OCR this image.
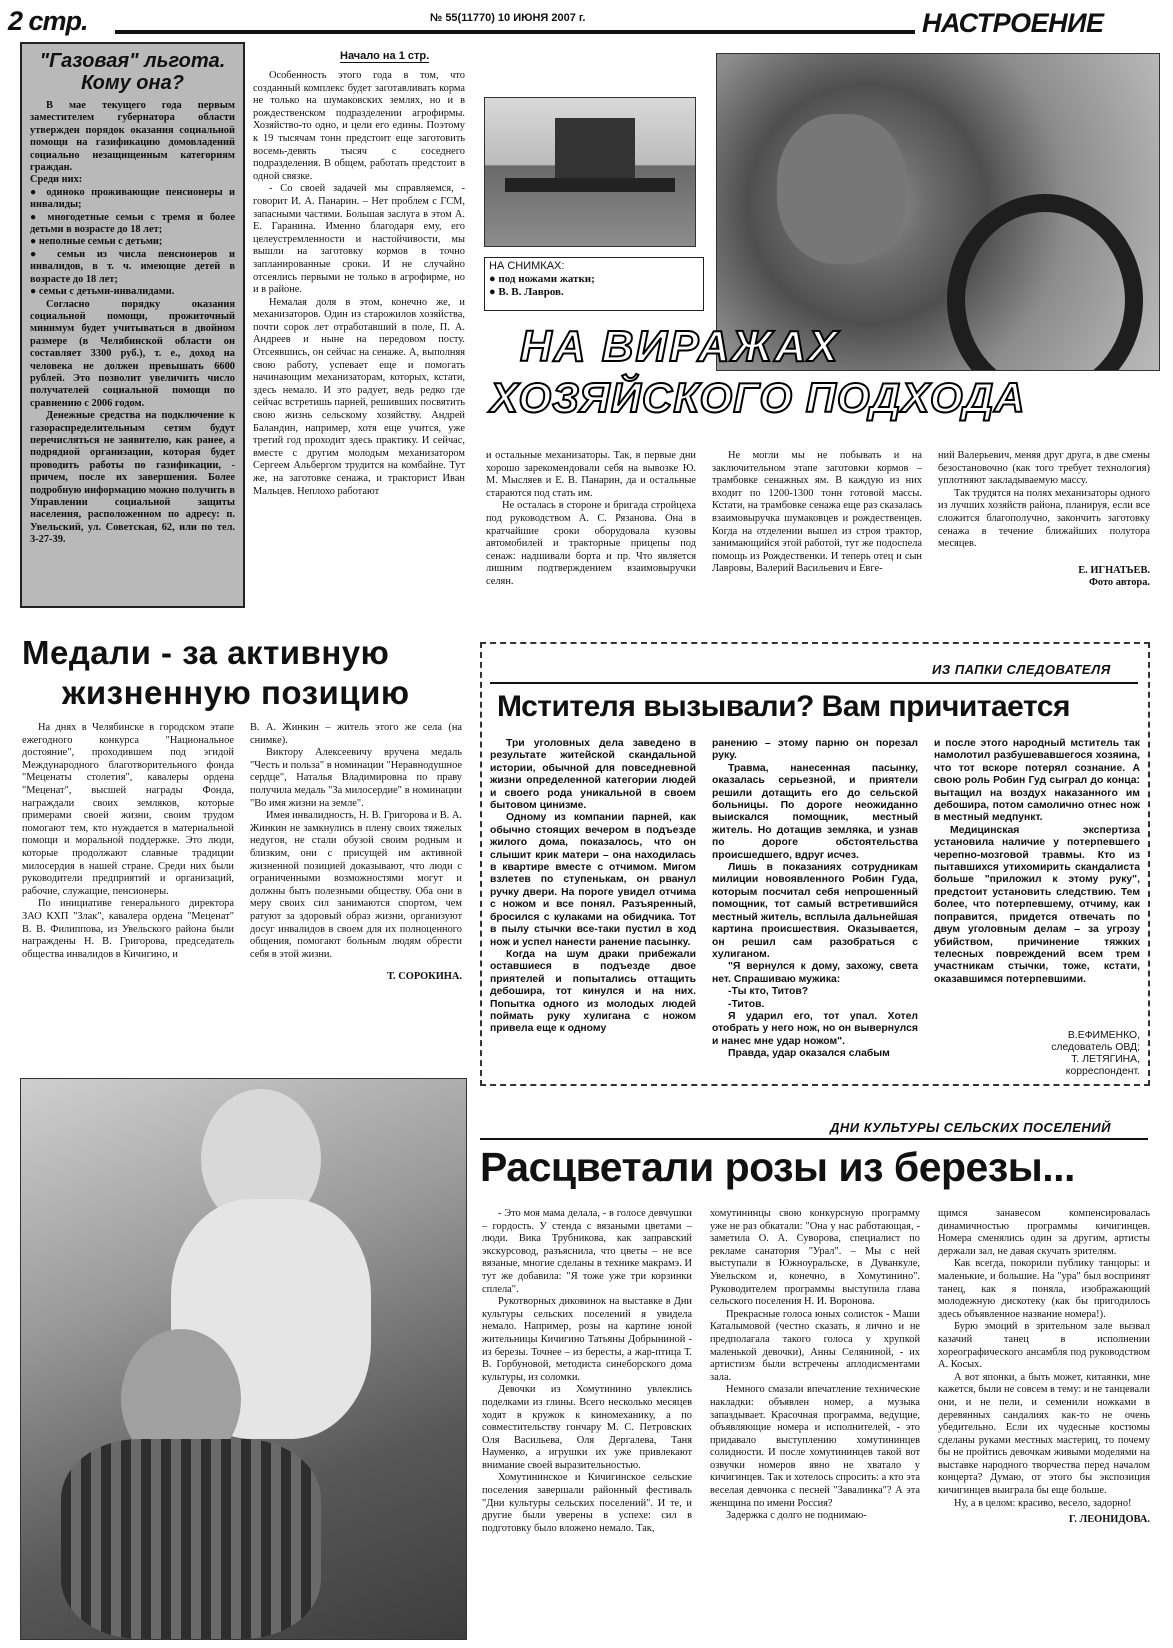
2 стр.	№ 55(11770) 10 ИЮНЯ 2007 г.	НАСТРОЕНИЕ
"Газовая" льгота. Кому она?

В мае текущего года первым заместителем губернатора области утвержден порядок оказания социальной помощи на газификацию домовладений социально незащищенным категориям граждан.

Среди них:

● одиноко проживающие пенсионеры и инвалиды;

● многодетные семьи с тремя и более детьми в возрасте до 18 лет;

● неполные семьи с детьми;

● семьи из числа пенсионеров и инвалидов, в т. ч. имеющие детей в возрасте до 18 лет;

● семьи с детьми-инвалидами.

Согласно порядку оказания социальной помощи, прожиточный минимум будет учитываться в двойном размере (в Челябинской области он составляет 3300 руб.), т. е., доход на человека не должен превышать 6600 рублей. Это позволит увеличить число получателей социальной помощи по сравнению с 2006 годом.

Денежные средства на подключение к газораспределительным сетям будут перечисляться не заявителю, как ранее, а подрядной организации, которая будет проводить работы по газификации, - причем, после их завершения. Более подробную информацию можно получить в Управлении социальной защиты населения, расположенном по адресу: п. Увельский, ул. Советская, 62, или по тел. 3-27-39.

Начало на 1 стр.

Особенность этого года в том, что созданный комплекс будет заготавливать корма не только на шумаковских землях, но и в рождественском подразделении агрофирмы. Хозяйство-то одно, и цели его едины. Поэтому к 19 тысячам тонн предстоит еще заготовить восемь-девять тысяч с соседнего подразделения. В общем, работать предстоит в одной связке.

- Со своей задачей мы справляемся, - говорит И. А. Панарин. – Нет проблем с ГСМ, запасными частями. Большая заслуга в этом А. Е. Гаранина. Именно благодаря ему, его целеустремленности и настойчивости, мы вышли на заготовку кормов в точно запланированные сроки. И не случайно отсеялись первыми не только в агрофирме, но и в районе.

Немалая доля в этом, конечно же, и механизаторов. Один из старожилов хозяйства, почти сорок лет отработавший в поле, П. А. Андреев и ныне на передовом посту. Отсеявшись, он сейчас на сенаже. А, выполняя свою работу, успевает еще и помогать начинающим механизаторам, которых, кстати, здесь немало. И это радует, ведь редко где сейчас встретишь парней, решивших посвятить свою жизнь сельскому хозяйству. Андрей Баландин, например, хотя еще учится, уже третий год проходит здесь практику. И сейчас, вместе с другим молодым механизатором Сергеем Альбергом трудится на комбайне. Тут же, на заготовке сенажа, и тракторист Иван Мальцев. Неплохо работают

НА СНИМКАХ:
● под ножами жатки;
● В. В. Лавров.
НА ВИРАЖАХ
ХОЗЯЙСКОГО ПОДХОДА

и остальные механизаторы. Так, в первые дни хорошо зарекомендовали себя на вывозке Ю. М. Мысляев и Е. В. Панарин, да и остальные стараются под стать им.

Не осталась в стороне и бригада стройцеха под руководством А. С. Рязанова. Она в кратчайшие сроки оборудовала кузовы автомобилей и тракторные прицепы под сенаж: надшивали борта и пр. Что является лишним подтверждением взаимовыручки селян.

Не могли мы не побывать и на заключительном этапе заготовки кормов – трамбовке сенажных ям. В каждую из них входит по 1200-1300 тонн готовой массы. Кстати, на трамбовке сенажа еще раз сказалась взаимовыручка шумаковцев и рождественцев. Когда на отделении вышел из строя трактор, занимающийся этой работой, тут же подоспела помощь из Рождественки. И теперь отец и сын Лавровы, Валерий Васильевич и Евге-

ний Валерьевич, меняя друг друга, в две смены безостановочно (как того требует технология) уплотняют закладываемую массу.

Так трудятся на полях механизаторы одного из лучших хозяйств района, планируя, если все сложится благополучно, закончить заготовку сенажа в течение ближайших полутора месяцев.

Е. ИГНАТЬЕВ.
Фото автора.
Медали - за активную
жизненную позицию

На днях в Челябинске в городском этапе ежегодного конкурса "Национальное достояние", проходившем под эгидой Международного благотворительного фонда "Меценаты столетия", кавалеры ордена "Меценат", высшей награды Фонда, награждали своих земляков, которые примерами своей жизни, своим трудом помогают тем, кто нуждается в материальной помощи и моральной поддержке. Это люди, которые продолжают славные традиции милосердия в нашей стране. Среди них были руководители предприятий и организаций, рабочие, служащие, пенсионеры.

По инициативе генерального директора ЗАО КХП "Злак", кавалера ордена "Меценат" В. В. Филиппова, из Увельского района были награждены Н. В. Григорова, председатель общества инвалидов в Кичигино, и

В. А. Жинкин – житель этого же села (на снимке).

Виктору Алексеевичу вручена медаль "Честь и польза" в номинации "Неравнодушное сердце", Наталья Владимировна по праву получила медаль "За милосердие" в номинации "Во имя жизни на земле".

Имея инвалидность, Н. В. Григорова и В. А. Жинкин не замкнулись в плену своих тяжелых недугов, не стали обузой своим родным и близким, они с присущей им активной жизненной позицией доказывают, что люди с ограниченными возможностями могут и должны быть полезными обществу. Оба они в меру своих сил занимаются спортом, чем ратуют за здоровый образ жизни, организуют досуг инвалидов в своем для их полноценного общения, помогают больным людям обрести себя в этой жизни.

Т. СОРОКИНА.
ИЗ ПАПКИ СЛЕДОВАТЕЛЯ
Мстителя вызывали? Вам причитается

Три уголовных дела заведено в результате житейской скандальной истории, обычной для повседневной жизни определенной категории людей и своего рода уникальной в своем бытовом цинизме.

Одному из компании парней, как обычно стоящих вечером в подъезде жилого дома, показалось, что он слышит крик матери – она находилась в квартире вместе с отчимом. Мигом взлетев по ступенькам, он рванул ручку двери. На пороге увидел отчима с ножом и все понял. Разъяренный, бросился с кулаками на обидчика. Тот в пылу стычки все-таки пустил в ход нож и успел нанести ранение пасынку.

Когда на шум драки прибежали оставшиеся в подъезде двое приятелей и попытались оттащить дебошира, тот кинулся и на них. Попытка одного из молодых людей поймать руку хулигана с ножом привела еще к одному

ранению – этому парню он порезал руку.

Травма, нанесенная пасынку, оказалась серьезной, и приятели решили дотащить его до сельской больницы. По дороге неожиданно выискался помощник, местный житель. Но дотащив земляка, и узнав по дороге обстоятельства происшедшего, вдруг исчез.

Лишь в показаниях сотрудникам милиции новоявленного Робин Гуда, которым посчитал себя непрошенный помощник, тот самый встретившийся местный житель, всплыла дальнейшая картина происшествия. Оказывается, он решил сам разобраться с хулиганом.

"Я вернулся к дому, захожу, света нет. Спрашиваю мужика:

-Ты кто, Титов?

-Титов.

Я ударил его, тот упал. Хотел отобрать у него нож, но он вывернулся и нанес мне удар ножом".

Правда, удар оказался слабым

и после этого народный мститель так намолотил разбушевавшегося хозяина, что тот вскоре потерял сознание. А свою роль Робин Гуд сыграл до конца: вытащил на воздух наказанного им дебошира, потом самолично отнес нож в местный медпункт.

Медицинская экспертиза установила наличие у потерпевшего черепно-мозговой травмы. Кто из пытавшихся утихомирить скандалиста больше "приложил к этому руку", предстоит установить следствию. Тем более, что потерпевшему, отчиму, как поправится, придется отвечать по двум уголовным делам – за угрозу убийством, причинение тяжких телесных повреждений всем трем участникам стычки, тоже, кстати, оказавшимся потерпевшими.

В.ЕФИМЕНКО,
следователь ОВД;
Т. ЛЕТЯГИНА,
корреспондент.
ДНИ КУЛЬТУРЫ СЕЛЬСКИХ ПОСЕЛЕНИЙ
Расцветали розы из березы...

- Это моя мама делала, - в голосе девчушки – гордость. У стенда с вязаными цветами – люди. Вика Трубникова, как заправский экскурсовод, разъяснила, что цветы – не все вязаные, многие сделаны в технике макрамэ. И тут же добавила: "Я тоже уже три корзинки сплела".

Рукотворных диковинок на выставке в Дни культуры сельских поселений я увидела немало. Например, розы на картине юной жительницы Кичигино Татьяны Добрыниной - из березы. Точнее – из бересты, а жар-птица Т. В. Горбуновой, методиста синеборского дома культуры, из соломки.

Девочки из Хомутинино увлеклись поделками из глины. Всего несколько месяцев ходят в кружок к киномеханику, а по совместительству гончару М. С. Петровских Оля Васильева, Оля Дергалева, Таня Науменко, а игрушки их уже привлекают внимание своей выразительностью.

Хомутининское и Кичигинское сельские поселения завершали районный фестиваль "Дни культуры сельских поселений". И те, и другие были уверены в успехе: сил в подготовку было вложено немало. Так,

хомутининцы свою конкурсную программу уже не раз обкатали: "Она у нас работающая, - заметила О. А. Суворова, специалист по рекламе санатория "Урал". – Мы с ней выступали в Южноуральске, в Дуванкуле, Увельском и, конечно, в Хомутинино". Руководителем программы выступила глава сельского поселения Н. И. Воронова.

Прекрасные голоса юных солисток - Маши Каталымовой (честно сказать, я лично и не предполагала такого голоса у хрупкой маленькой девочки), Анны Селяниной, - их артистизм были встречены аплодисментами зала.

Немного смазали впечатление технические накладки: объявлен номер, а музыка запаздывает. Красочная программа, ведущие, объявляющие номера и исполнителей, - это придавало выступлению хомутининцев солидности. И после хомутининцев такой вот озвучки номеров явно не хватало у кичигинцев. Так и хотелось спросить: а кто эта веселая девчонка с песней "Завалинка"? А эта женщина по имени Россия?

Задержка с долго не поднимаю-

щимся занавесом компенсировалась динамичностью программы кичигинцев. Номера сменялись один за другим, артисты держали зал, не давая скучать зрителям.

Как всегда, покорили публику танцоры: и маленькие, и большие. На "ура" был воспринят танец, как я поняла, изображающий молодежную дискотеку (как бы пригодилось здесь объявленное название номера!).

Бурю эмоций в зрительном зале вызвал казачий танец в исполнении хореографического ансамбля под руководством А. Косых.

А вот японки, а быть может, китаянки, мне кажется, были не совсем в тему: и не танцевали они, и не пели, и семенили ножками в деревянных сандалиях как-то не очень убедительно. Если их чудесные костюмы сделаны руками местных мастериц, то почему бы не пройтись девочкам живыми моделями на выставке народного творчества перед началом концерта? Думаю, от этого бы экспозиция кичигинцев выиграла бы еще больше.

Ну, а в целом: красиво, весело, задорно!

Г. ЛЕОНИДОВА.
